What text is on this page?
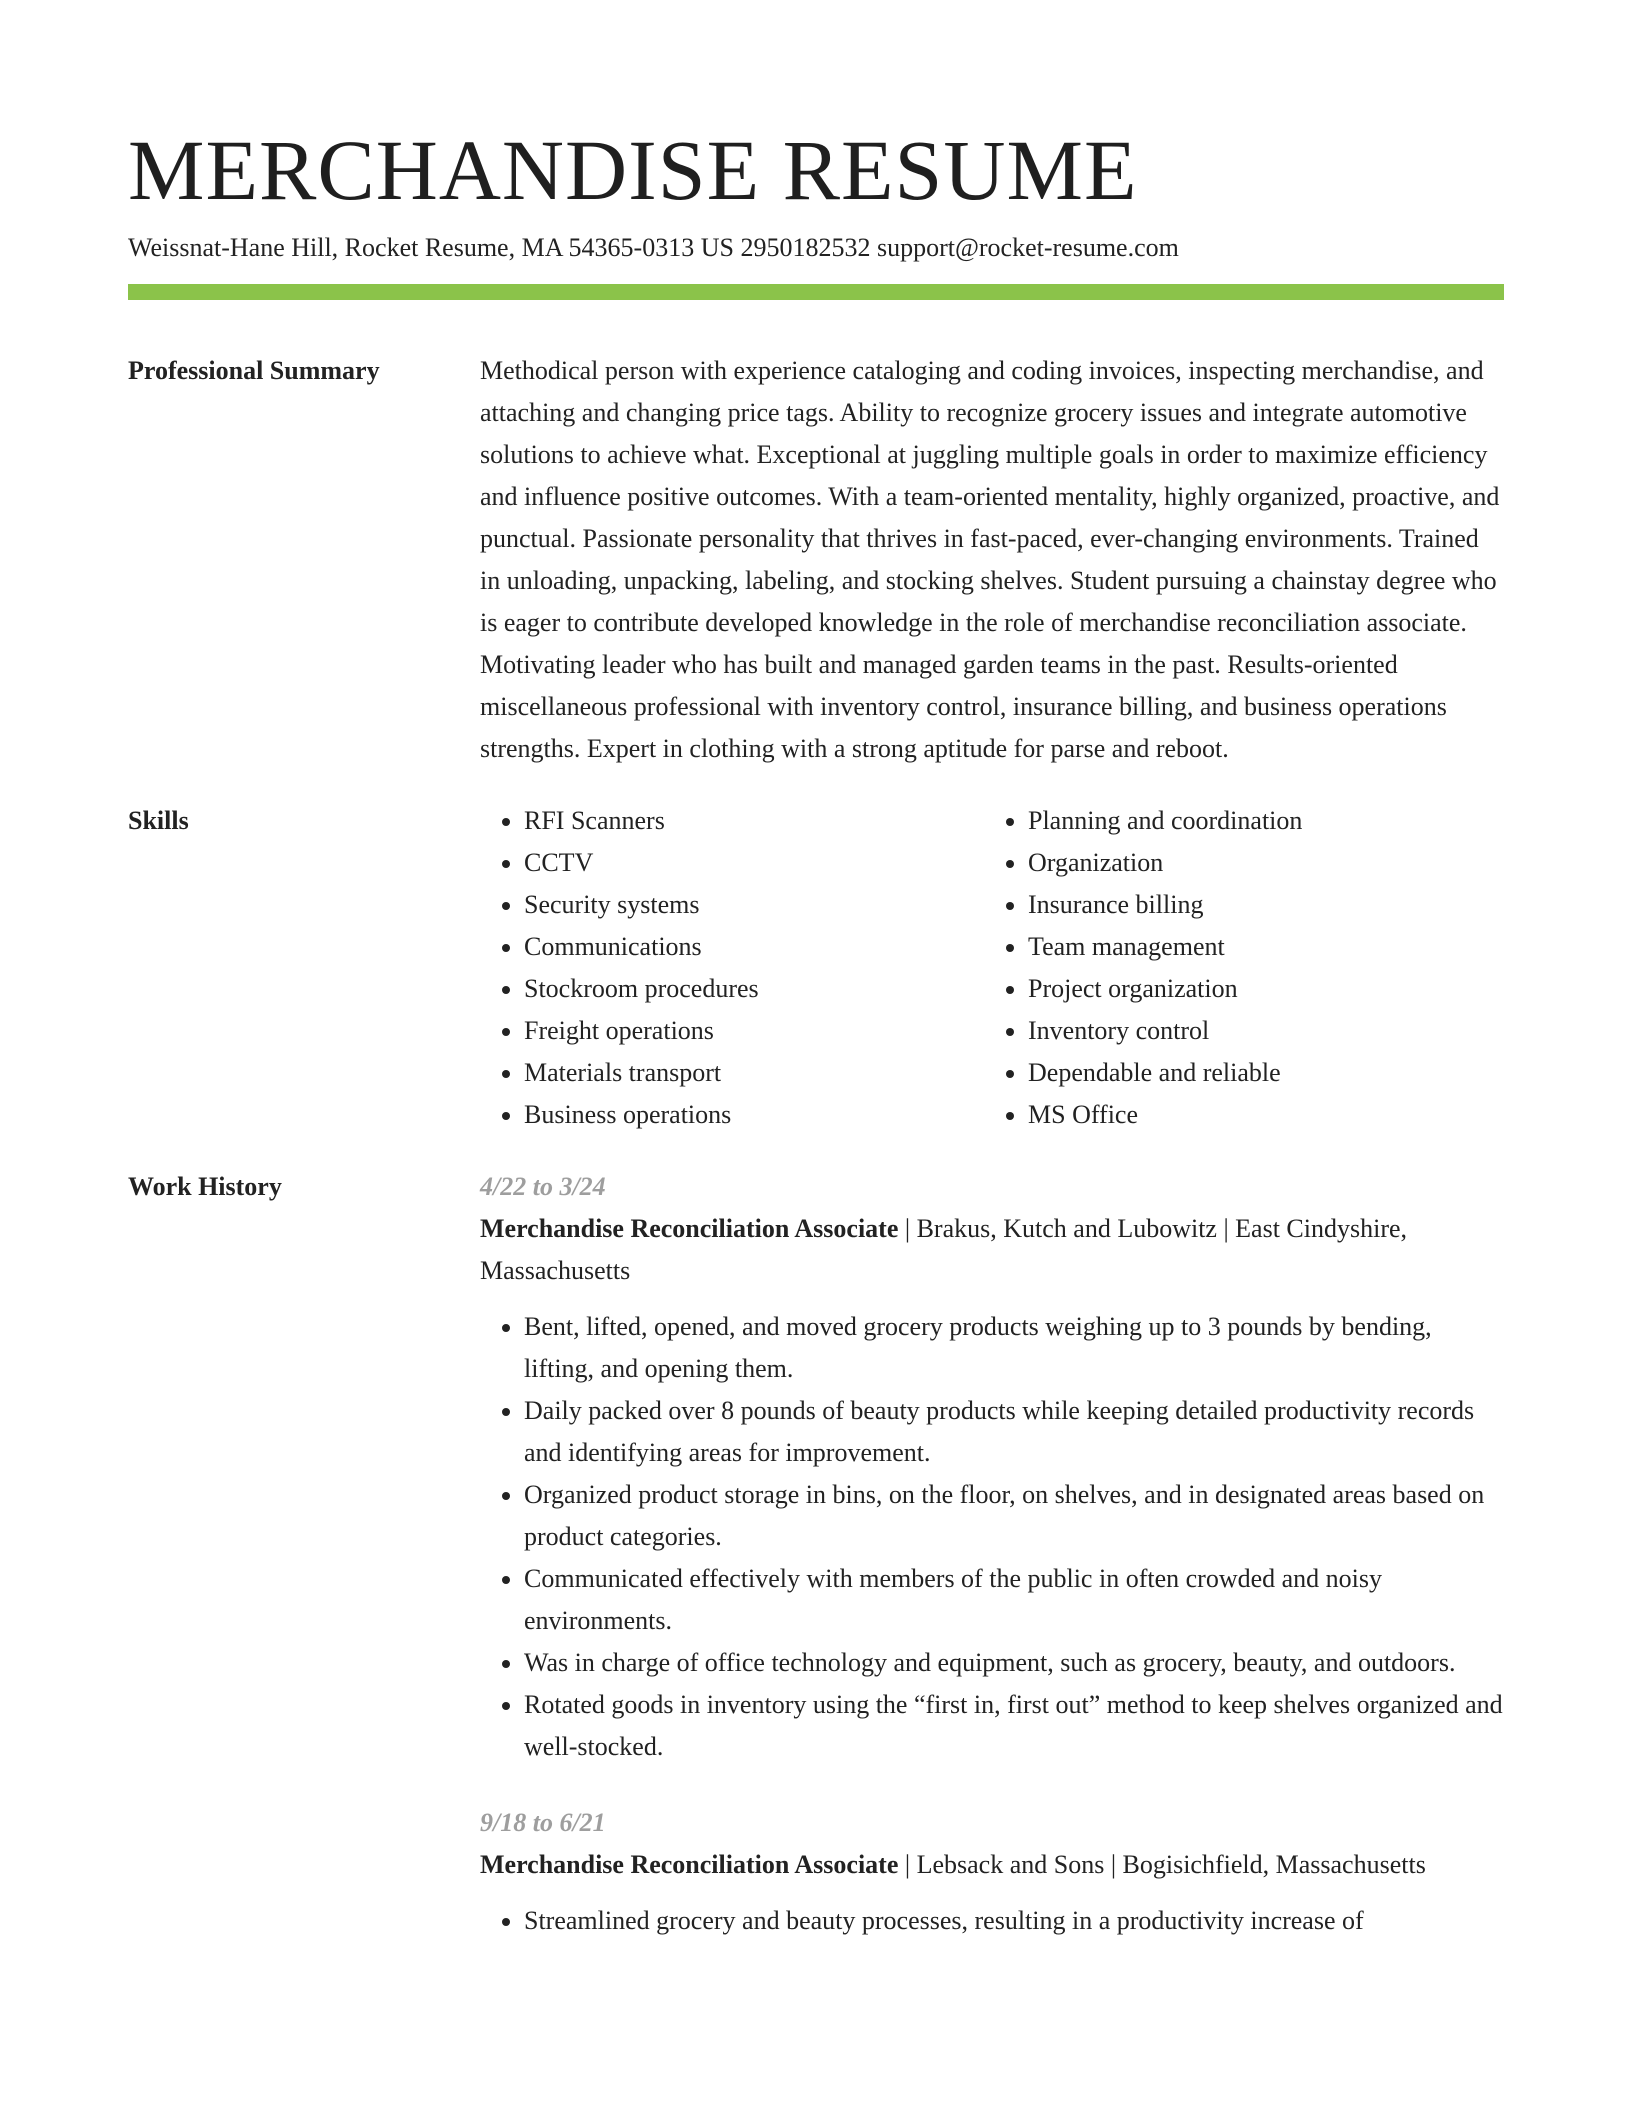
MERCHANDISE RESUME
Weissnat-Hane Hill, Rocket Resume, MA 54365-0313 US 2950182532 support@rocket-resume.com
Professional Summary	Methodical person with experience cataloging and coding invoices, inspecting merchandise, and attaching and changing price tags. Ability to recognize grocery issues and integrate automotive solutions to achieve what. Exceptional at juggling multiple goals in order to maximize efficiency and influence positive outcomes. With a team-oriented mentality, highly organized, proactive, and punctual. Passionate personality that thrives in fast-paced, ever-changing environments. Trained in unloading, unpacking, labeling, and stocking shelves. Student pursuing a chainstay degree who is eager to contribute developed knowledge in the role of merchandise reconciliation associate. Motivating leader who has built and managed garden teams in the past. Results-oriented miscellaneous professional with inventory control, insurance billing, and business operations strengths. Expert in clothing with a strong aptitude for parse and reboot.

Skills
•	RFI Scanners
• CCTV
• Security systems
• Communications
• Stockroom procedures
• Freight operations
• Materials transport
• Business operations
• Planning and coordination
• Organization
• Insurance billing
• Team management
• Project organization
• Inventory control
• Dependable and reliable
• MS Office
Work History	4/22 to 3/24
Merchandise Reconciliation Associate | Brakus, Kutch and Lubowitz | East Cindyshire, Massachusetts
• Bent, lifted, opened, and moved grocery products weighing up to 3 pounds by bending, lifting, and opening them.
• Daily packed over 8 pounds of beauty products while keeping detailed productivity records and identifying areas for improvement.
• Organized product storage in bins, on the floor, on shelves, and in designated areas based on product categories.
• Communicated effectively with members of the public in often crowded and noisy environments.
• Was in charge of office technology and equipment, such as grocery, beauty, and outdoors.
• Rotated goods in inventory using the “first in, first out” method to keep shelves organized and well-stocked.
9/18 to 6/21
Merchandise Reconciliation Associate | Lebsack and Sons | Bogisichfield, Massachusetts
• Streamlined grocery and beauty processes, resulting in a productivity increase of
